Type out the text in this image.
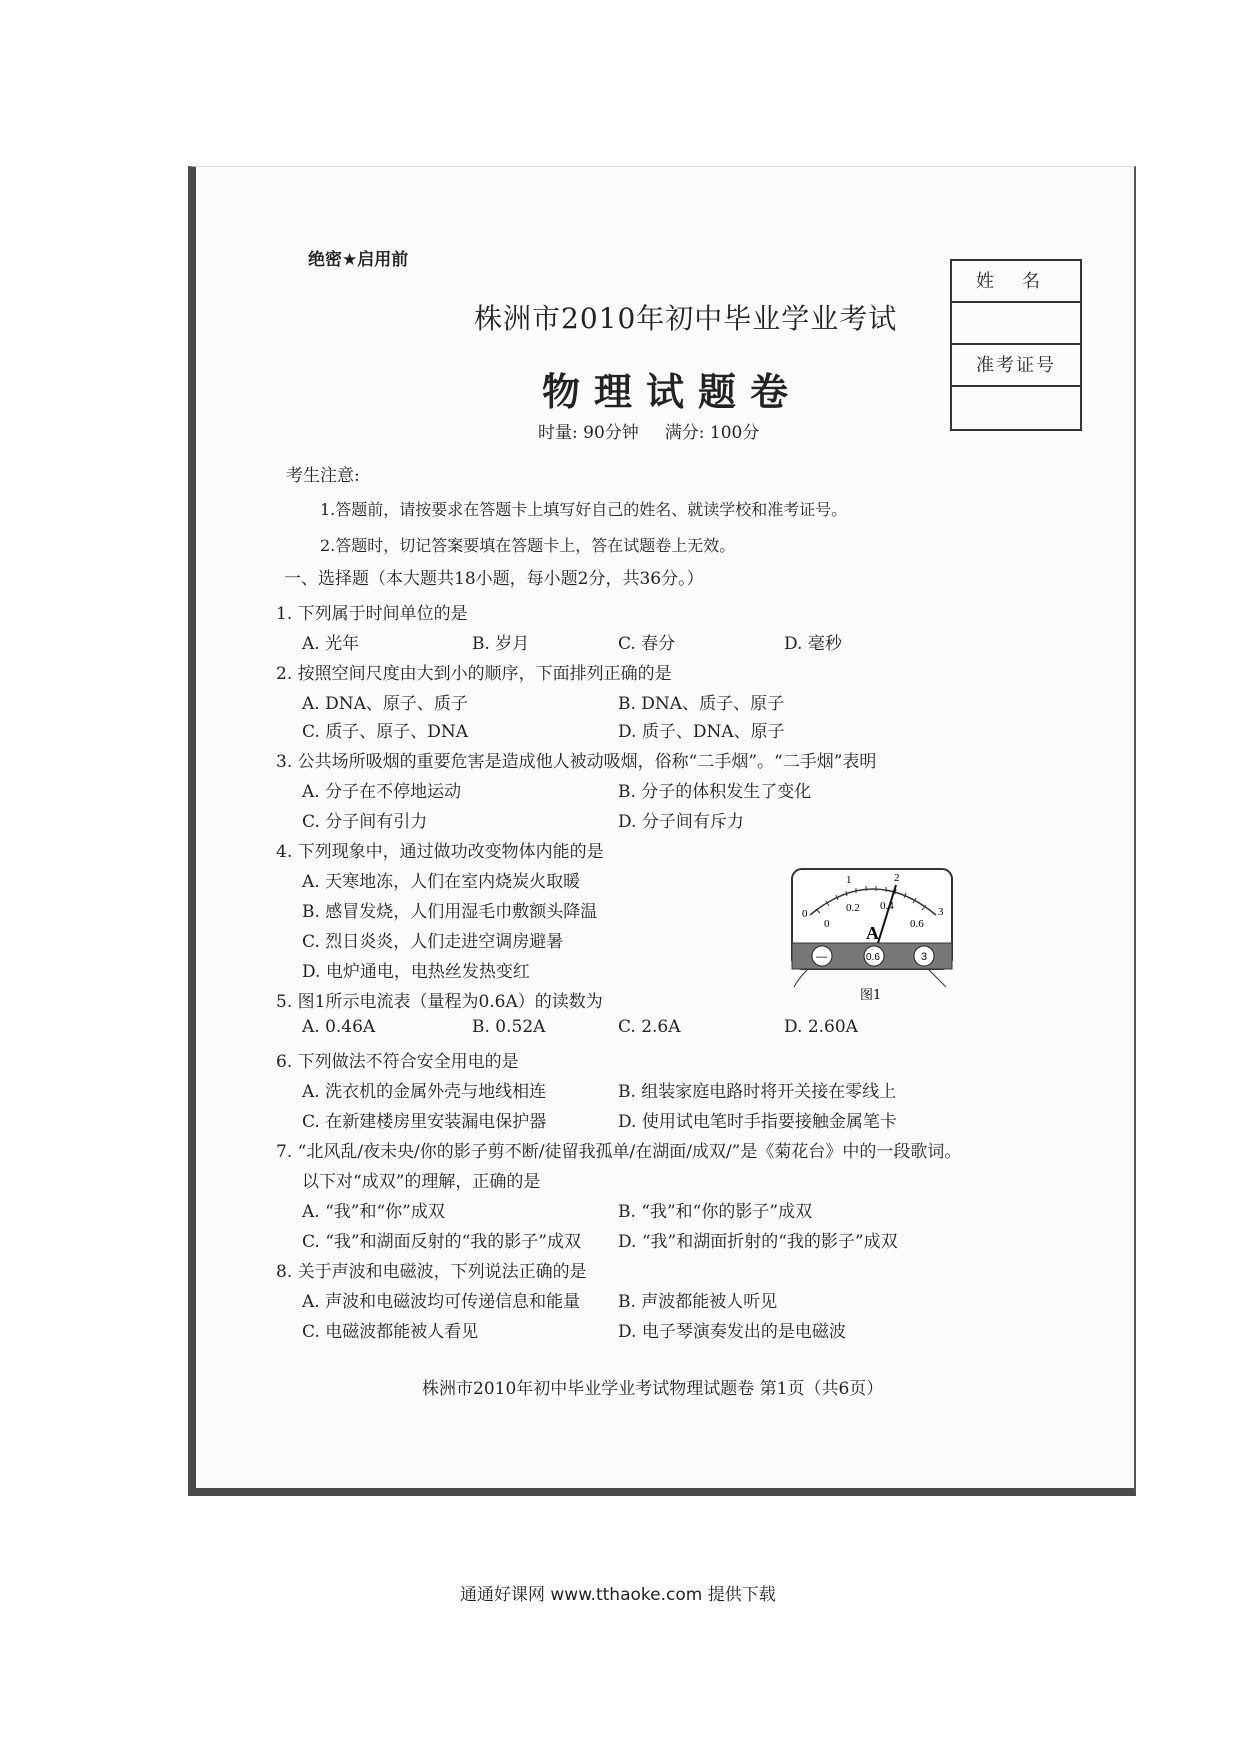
绝密★启用前
株洲市2010年初中毕业学业考试
物理试题卷
时量: 90分钟 满分: 100分
姓名
准考证号
考生注意:
1.答题前，请按要求在答题卡上填写好自己的姓名、就读学校和准考证号。
2.答题时，切记答案要填在答题卡上，答在试题卷上无效。
一、选择题（本大题共18小题，每小题2分，共36分。）
1. 下列属于时间单位的是
A. 光年	B. 岁月	C. 春分	D. 毫秒
2. 按照空间尺度由大到小的顺序，下面排列正确的是
A. DNA、原子、质子	B. DNA、质子、原子
C. 质子、原子、DNA	D. 质子、DNA、原子
3. 公共场所吸烟的重要危害是造成他人被动吸烟，俗称“二手烟”。“二手烟”表明
A. 分子在不停地运动	B. 分子的体积发生了变化
C. 分子间有引力	D. 分子间有斥力
4. 下列现象中，通过做功改变物体内能的是
A. 天寒地冻，人们在室内烧炭火取暖
B. 感冒发烧，人们用湿毛巾敷额头降温
C. 烈日炎炎，人们走进空调房避暑
D. 电炉通电，电热丝发热变红
0
1	2
3
0
0.2 0.4
0.6
A
—	0.6	3
图1
5. 图1所示电流表（量程为0.6A）的读数为
A. 0.46A	B. 0.52A	C. 2.6A	D. 2.60A
6. 下列做法不符合安全用电的是
A. 洗衣机的金属外壳与地线相连	B. 组装家庭电路时将开关接在零线上
C. 在新建楼房里安装漏电保护器	D. 使用试电笔时手指要接触金属笔卡
7. “北风乱/夜未央/你的影子剪不断/徒留我孤单/在湖面/成双/”是《菊花台》中的一段歌词。
以下对“成双”的理解，正确的是
A. “我”和“你”成双	B. “我”和“你的影子”成双
C. “我”和湖面反射的“我的影子”成双 D. “我”和湖面折射的“我的影子”成双
8. 关于声波和电磁波，下列说法正确的是
A. 声波和电磁波均可传递信息和能量 B. 声波都能被人听见
C. 电磁波都能被人看见	D. 电子琴演奏发出的是电磁波
株洲市2010年初中毕业学业考试物理试题卷 第1页（共6页）
通通好课网 www.tthaoke.com 提供下载
